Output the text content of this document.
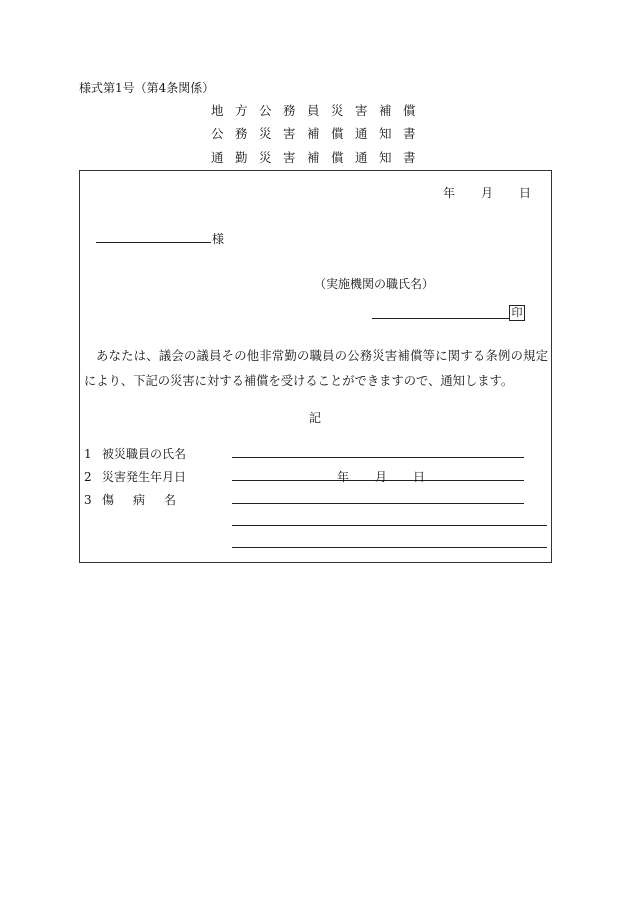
様式第1号（第4条関係）
地方公務員災害補償
公務災害補償通知書
通勤災害補償通知書
年 月 日
様
（実施機関の職氏名）
印
あなたは、議会の議員その他非常勤の職員の公務災害補償等に関する条例の規定により、下記の災害に対する補償を受けることができますので、通知します。
記
1 被災職員の氏名
2 災害発生年月日
3 傷病名
年 月 日
